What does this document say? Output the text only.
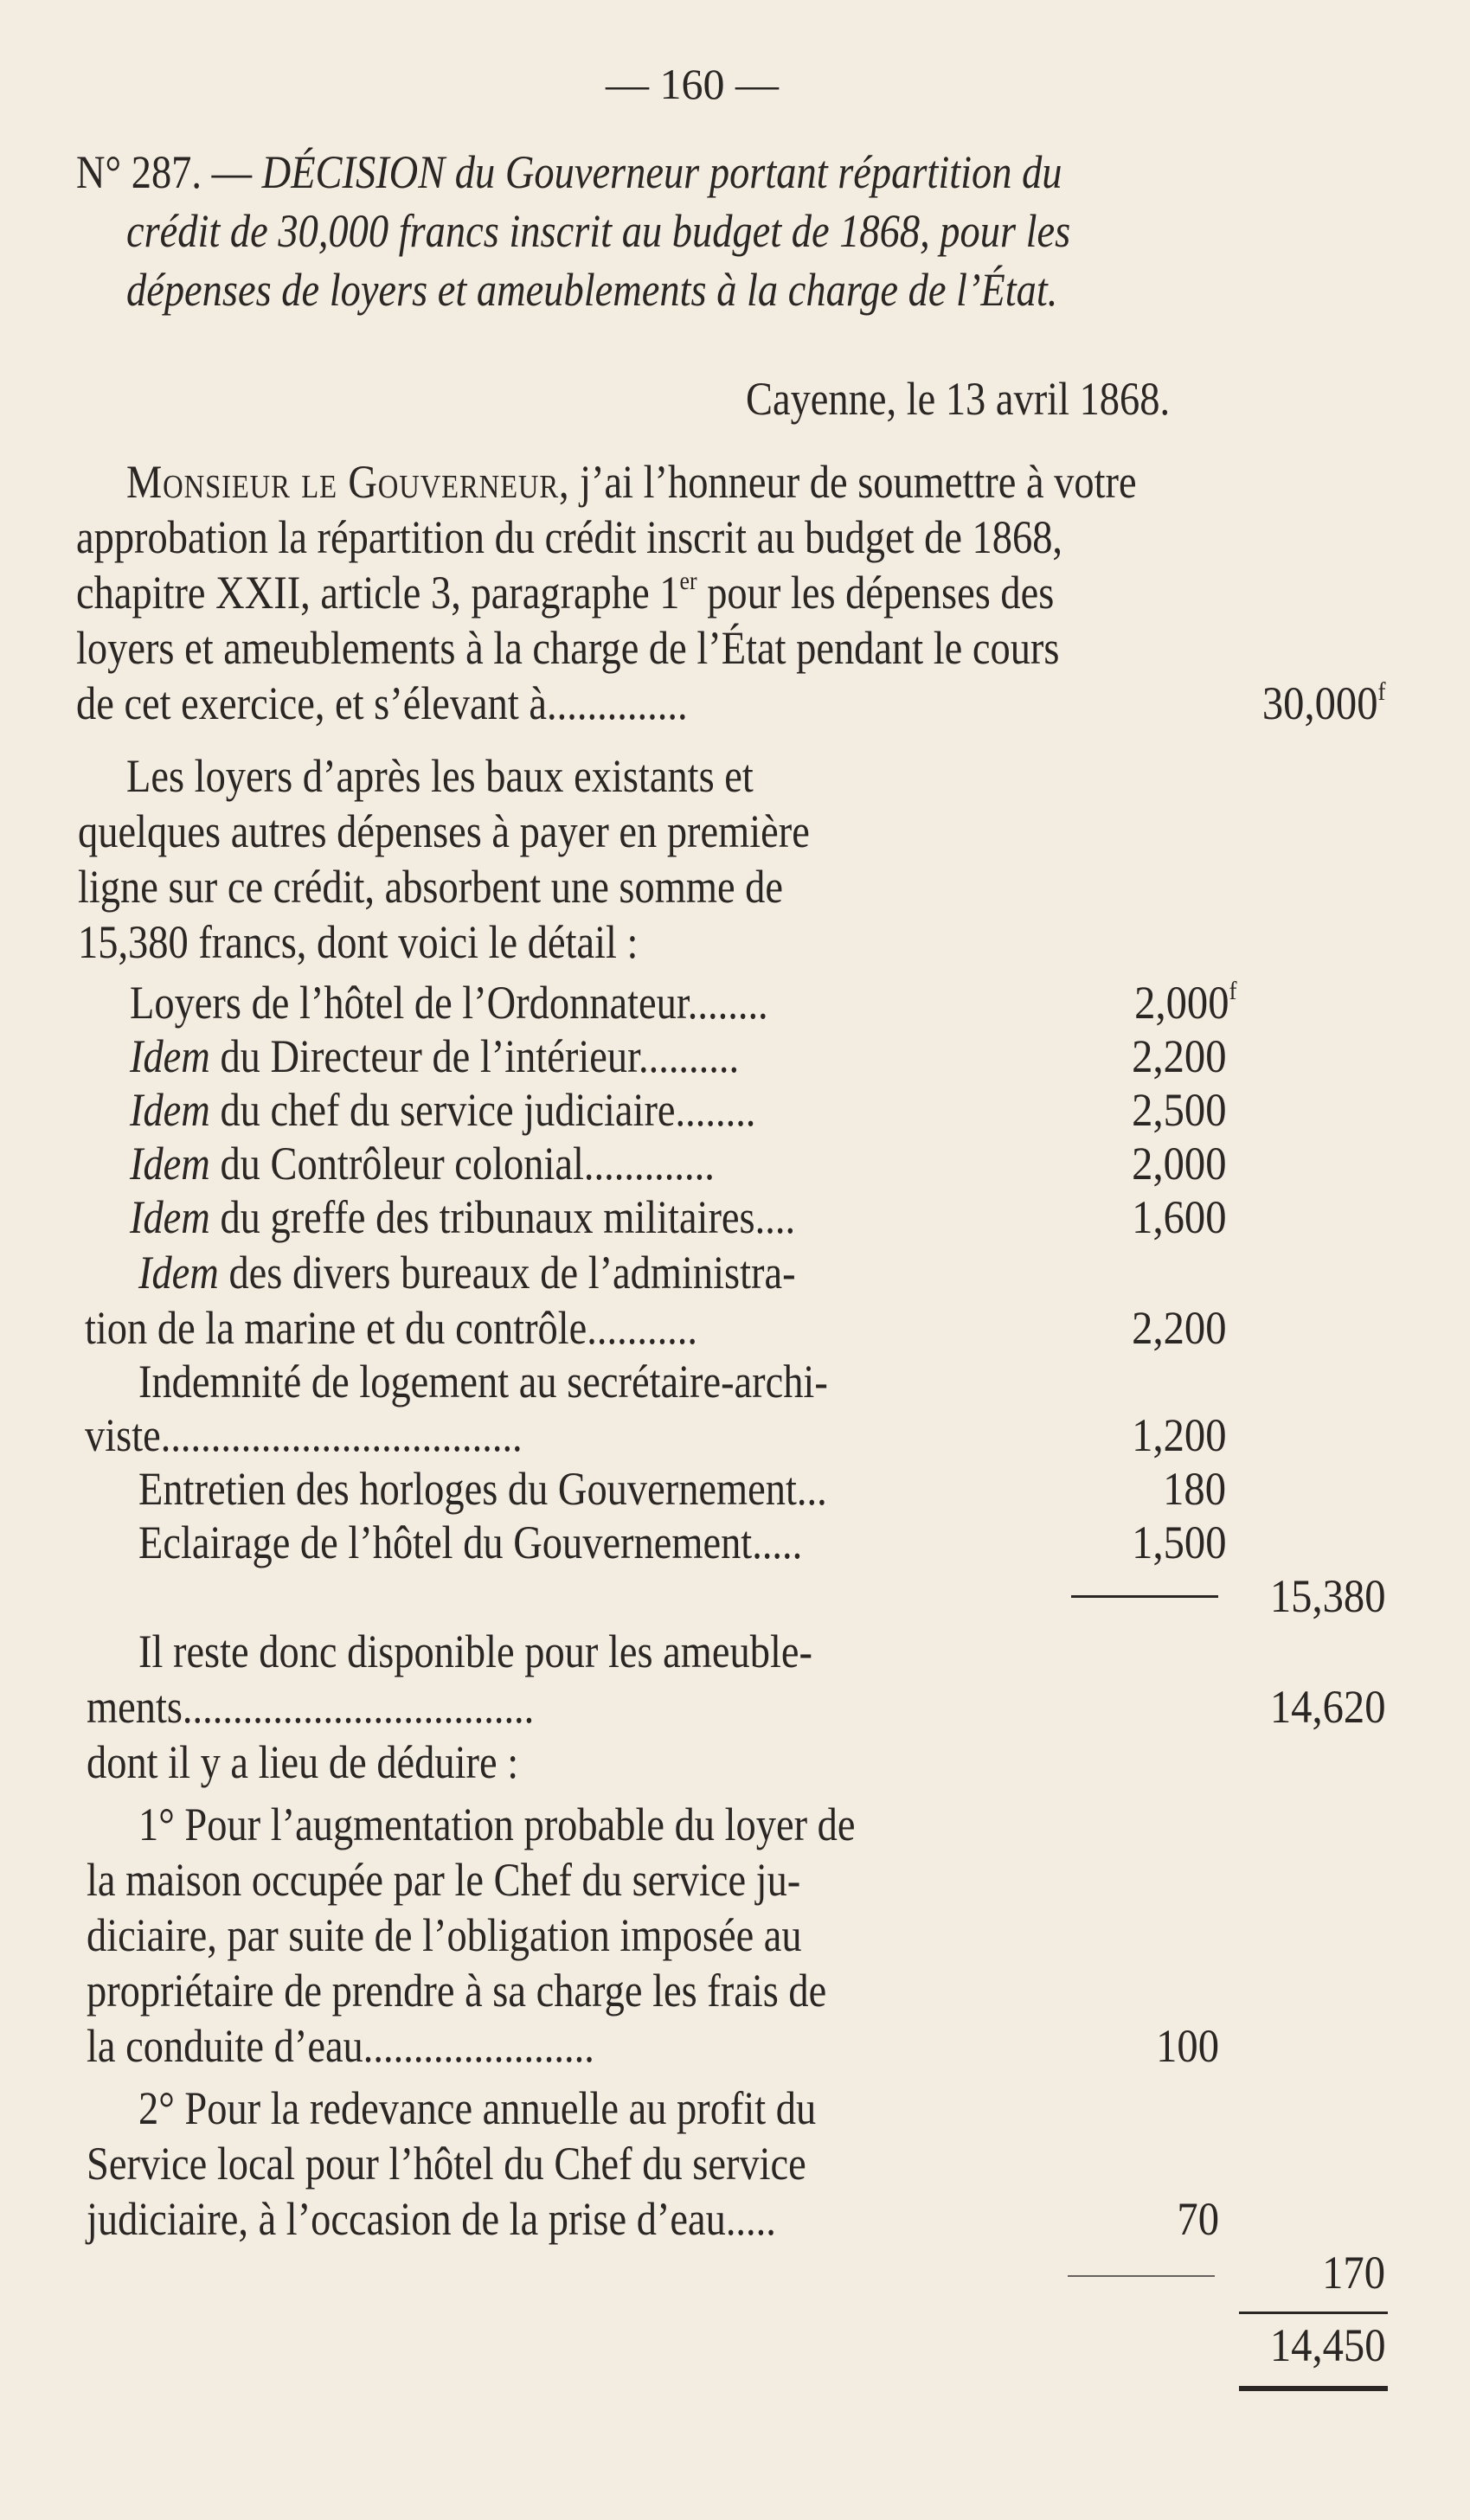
— 160 —
N° 287. — DÉCISION du Gouverneur portant répartition du
crédit de 30,000 francs inscrit au budget de 1868, pour les
dépenses de loyers et ameublements à la charge de l’État.
Cayenne, le 13 avril 1868.
Monsieur le Gouverneur, j’ai l’honneur de soumettre à votre
approbation la répartition du crédit inscrit au budget de 1868,
chapitre XXII, article 3, paragraphe 1er pour les dépenses des
loyers et ameublements à la charge de l’État pendant le cours
de cet exercice, et s’élevant à..............	30,000$^f$
Les loyers d’après les baux existants et
quelques autres dépenses à payer en première
ligne sur ce crédit, absorbent une somme de
15,380 francs, dont voici le détail :
Loyers de l’hôtel de l’Ordonnateur........	2,000$^f$
Idem du Directeur de l’intérieur..........	2,200
Idem du chef du service judiciaire........	2,500
Idem du Contrôleur colonial.............	2,000
Idem du greffe des tribunaux militaires....	1,600
Idem des divers bureaux de l’administra-
tion de la marine et du contrôle...........	2,200
Indemnité de logement au secrétaire-archi-
viste....................................	1,200
Entretien des horloges du Gouvernement...	180
Eclairage de l’hôtel du Gouvernement.....	1,500
15,380
Il reste donc disponible pour les ameuble-
ments...................................	14,620
dont il y a lieu de déduire :
1° Pour l’augmentation probable du loyer de
la maison occupée par le Chef du service ju-
diciaire, par suite de l’obligation imposée au
propriétaire de prendre à sa charge les frais de
la conduite d’eau.......................	100
2° Pour la redevance annuelle au profit du
Service local pour l’hôtel du Chef du service
judiciaire, à l’occasion de la prise d’eau.....	70
170
14,450
